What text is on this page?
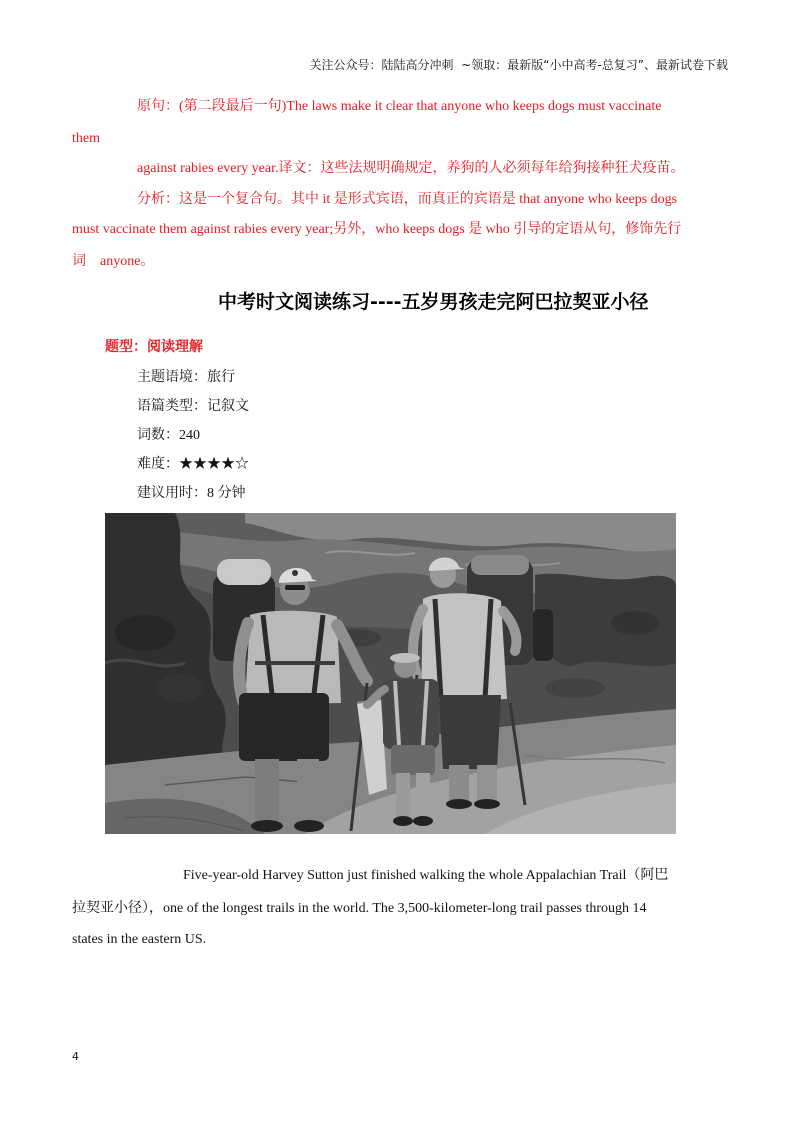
关注公众号：陆陆高分冲刺  ~领取：最新版“小中高考-总复习”、最新试卷下载
原句：(第二段最后一句)The laws make it clear that anyone who keeps dogs must vaccinate
them
against rabies every year.译文：这些法规明确规定，养狗的人必须每年给狗接种狂犬疫苗。
分析：这是一个复合句。其中 it 是形式宾语，而真正的宾语是 that anyone who keeps dogs
must vaccinate them against rabies every year;另外，who keeps dogs 是 who 引导的定语从句，修饰先行
词    anyone。
中考时文阅读练习----五岁男孩走完阿巴拉契亚小径
题型：阅读理解
主题语境：旅行
语篇类型：记叙文
词数：240
难度：★★★★☆
建议用时：8 分钟
Five-year-old Harvey Sutton just finished walking the whole Appalachian Trail（阿巴
拉契亚小径），one of the longest trails in the world. The 3,500-kilometer-long trail passes through 14
states in the eastern US.
4
